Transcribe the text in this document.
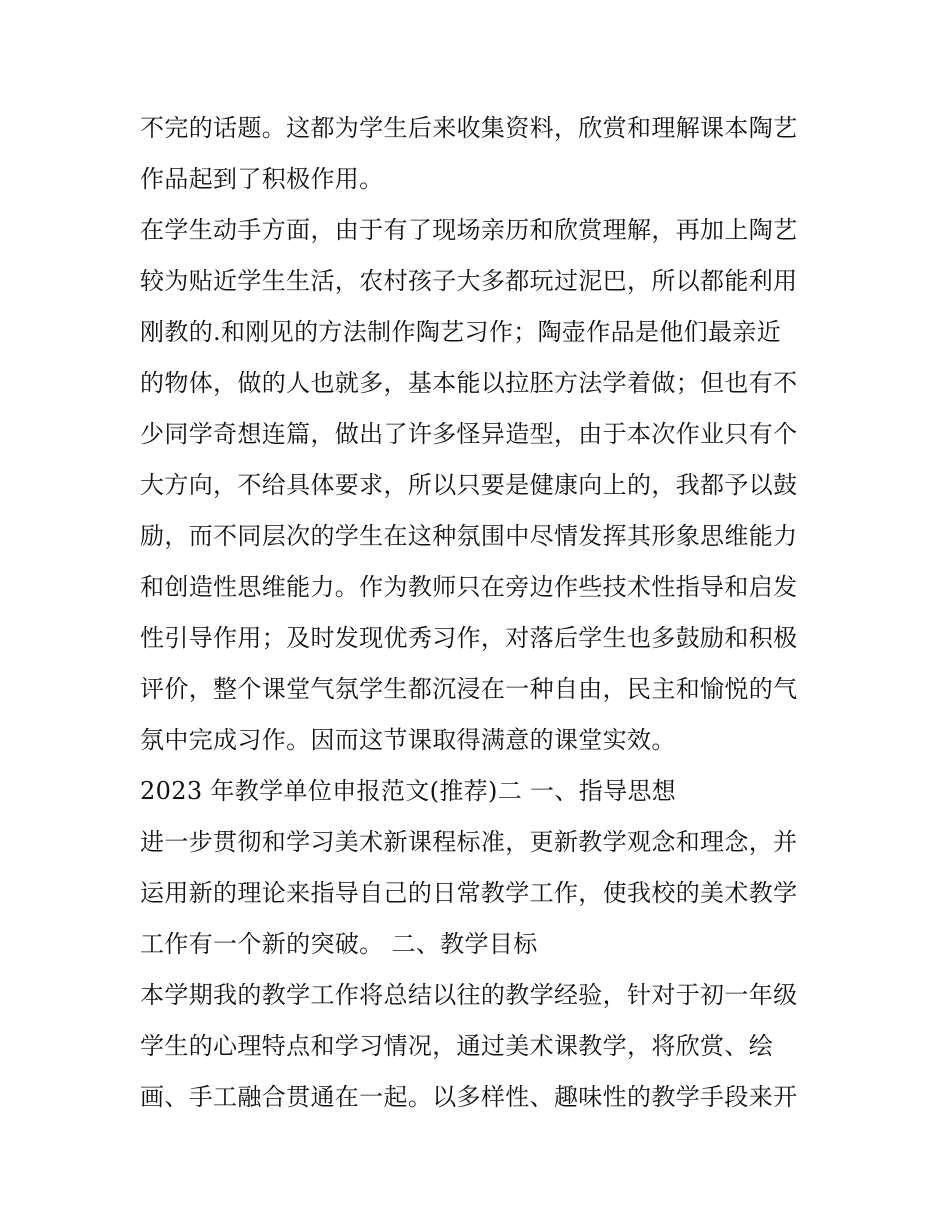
不完的话题。这都为学生后来收集资料，欣赏和理解课本陶艺
作品起到了积极作用。
在学生动手方面，由于有了现场亲历和欣赏理解，再加上陶艺
较为贴近学生生活，农村孩子大多都玩过泥巴，所以都能利用
刚教的.和刚见的方法制作陶艺习作；陶壶作品是他们最亲近
的物体，做的人也就多，基本能以拉胚方法学着做；但也有不
少同学奇想连篇，做出了许多怪异造型，由于本次作业只有个
大方向，不给具体要求，所以只要是健康向上的，我都予以鼓
励，而不同层次的学生在这种氛围中尽情发挥其形象思维能力
和创造性思维能力。作为教师只在旁边作些技术性指导和启发
性引导作用；及时发现优秀习作，对落后学生也多鼓励和积极
评价，整个课堂气氛学生都沉浸在一种自由，民主和愉悦的气
氛中完成习作。因而这节课取得满意的课堂实效。
2023 年教学单位申报范文(推荐)二 一、指导思想
进一步贯彻和学习美术新课程标准，更新教学观念和理念，并
运用新的理论来指导自己的日常教学工作，使我校的美术教学
工作有一个新的突破。 二、教学目标
本学期我的教学工作将总结以往的教学经验，针对于初一年级
学生的心理特点和学习情况，通过美术课教学，将欣赏、绘
画、手工融合贯通在一起。以多样性、趣味性的教学手段来开
